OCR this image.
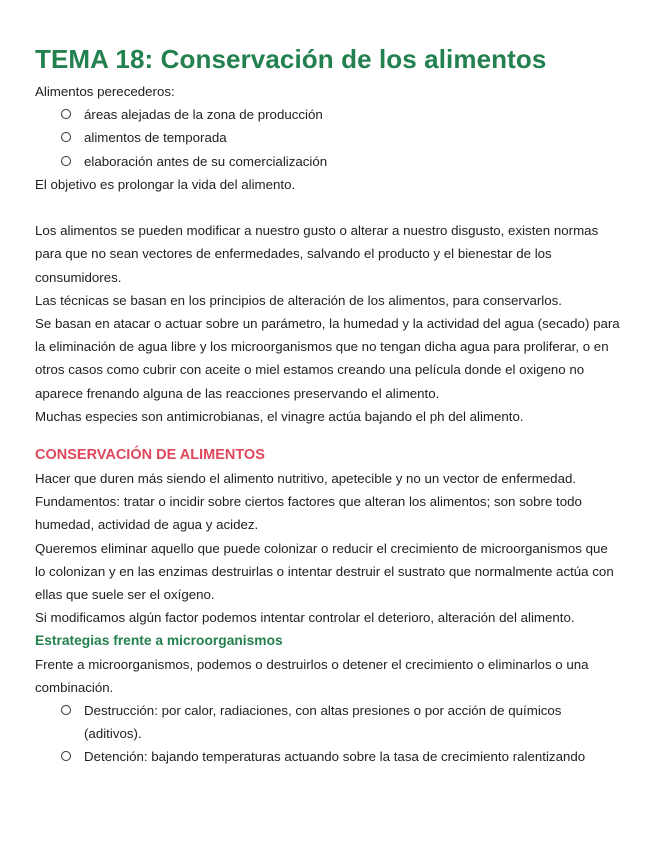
TEMA 18: Conservación de los alimentos

Alimentos perecederos:

áreas alejadas de la zona de producción
alimentos de temporada
elaboración antes de su comercialización

El objetivo es prolongar la vida del alimento.

Los alimentos se pueden modificar a nuestro gusto o alterar a nuestro disgusto, existen normas para que no sean vectores de enfermedades, salvando el producto y el bienestar de los consumidores.

Las técnicas se basan en los principios de alteración de los alimentos, para conservarlos.

Se basan en atacar o actuar sobre un parámetro, la humedad y la actividad del agua (secado) para la eliminación de agua libre y los microorganismos que no tengan dicha agua para proliferar, o en otros casos como cubrir con aceite o miel estamos creando una película donde el oxigeno no aparece frenando alguna de las reacciones preservando el alimento.

Muchas especies son antimicrobianas, el vinagre actúa bajando el ph del alimento.

CONSERVACIÓN DE ALIMENTOS

Hacer que duren más siendo el alimento nutritivo, apetecible y no un vector de enfermedad.

Fundamentos: tratar o incidir sobre ciertos factores que alteran los alimentos; son sobre todo humedad, actividad de agua y acidez.

Queremos eliminar aquello que puede colonizar o reducir el crecimiento de microorganismos que lo colonizan y en las enzimas destruirlas o intentar destruir el sustrato que normalmente actúa con ellas que suele ser el oxígeno.

Si modificamos algún factor podemos intentar controlar el deterioro, alteración del alimento.

Estrategias frente a microorganismos

Frente a microorganismos, podemos o destruirlos o detener el crecimiento o eliminarlos o una combinación.

Destrucción: por calor, radiaciones, con altas presiones o por acción de químicos (aditivos).
Detención: bajando temperaturas actuando sobre la tasa de crecimiento ralentizando
